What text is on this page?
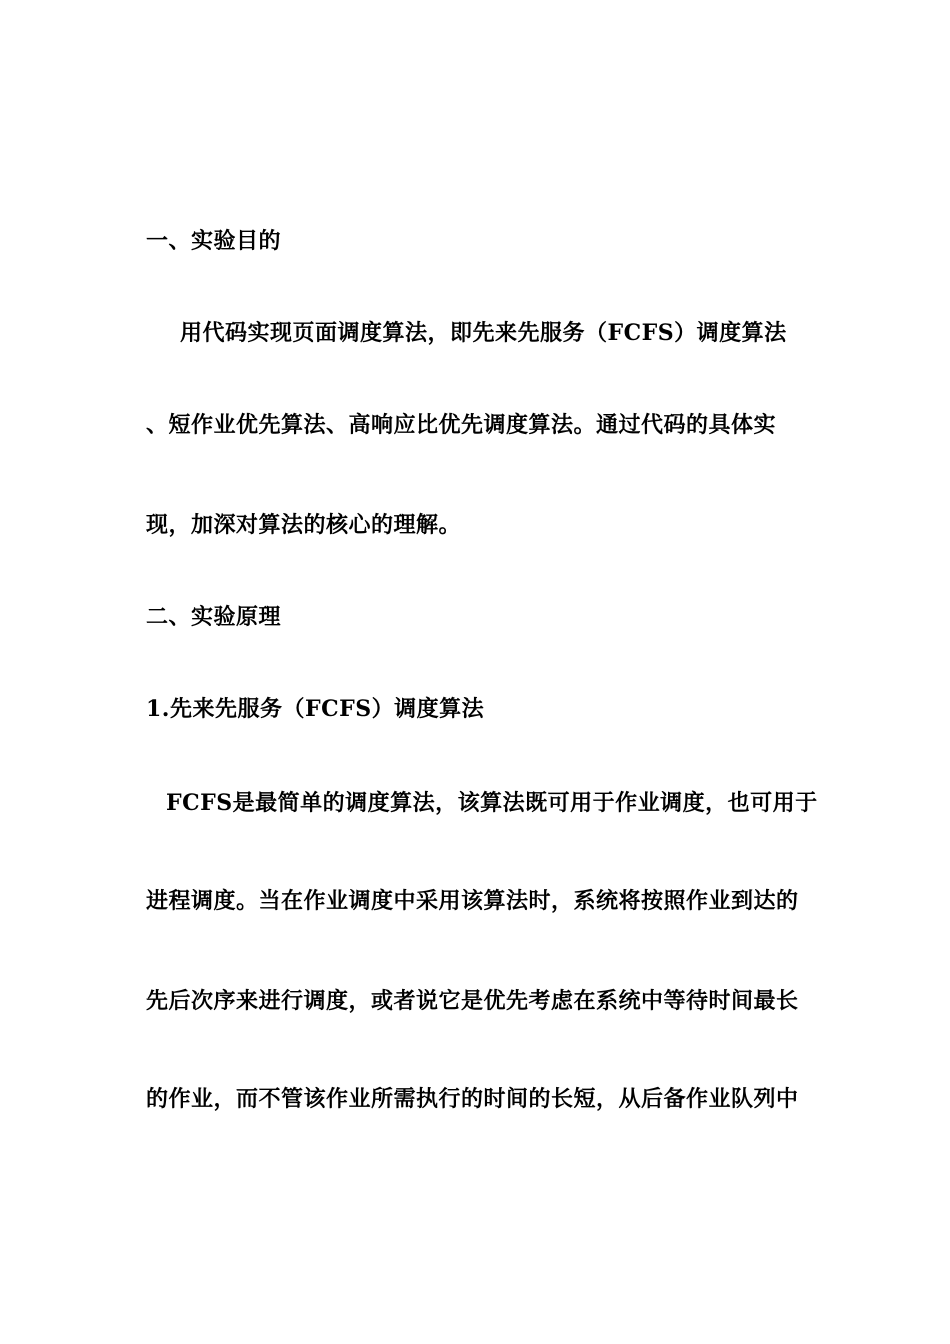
一、实验目的
用代码实现页面调度算法，即先来先服务（FCFS）调度算法
、短作业优先算法、高响应比优先调度算法。通过代码的具体实
现，加深对算法的核心的理解。
二、实验原理
1.先来先服务（FCFS）调度算法
FCFS是最简单的调度算法，该算法既可用于作业调度，也可用于
进程调度。当在作业调度中采用该算法时，系统将按照作业到达的
先后次序来进行调度，或者说它是优先考虑在系统中等待时间最长
的作业，而不管该作业所需执行的时间的长短，从后备作业队列中
